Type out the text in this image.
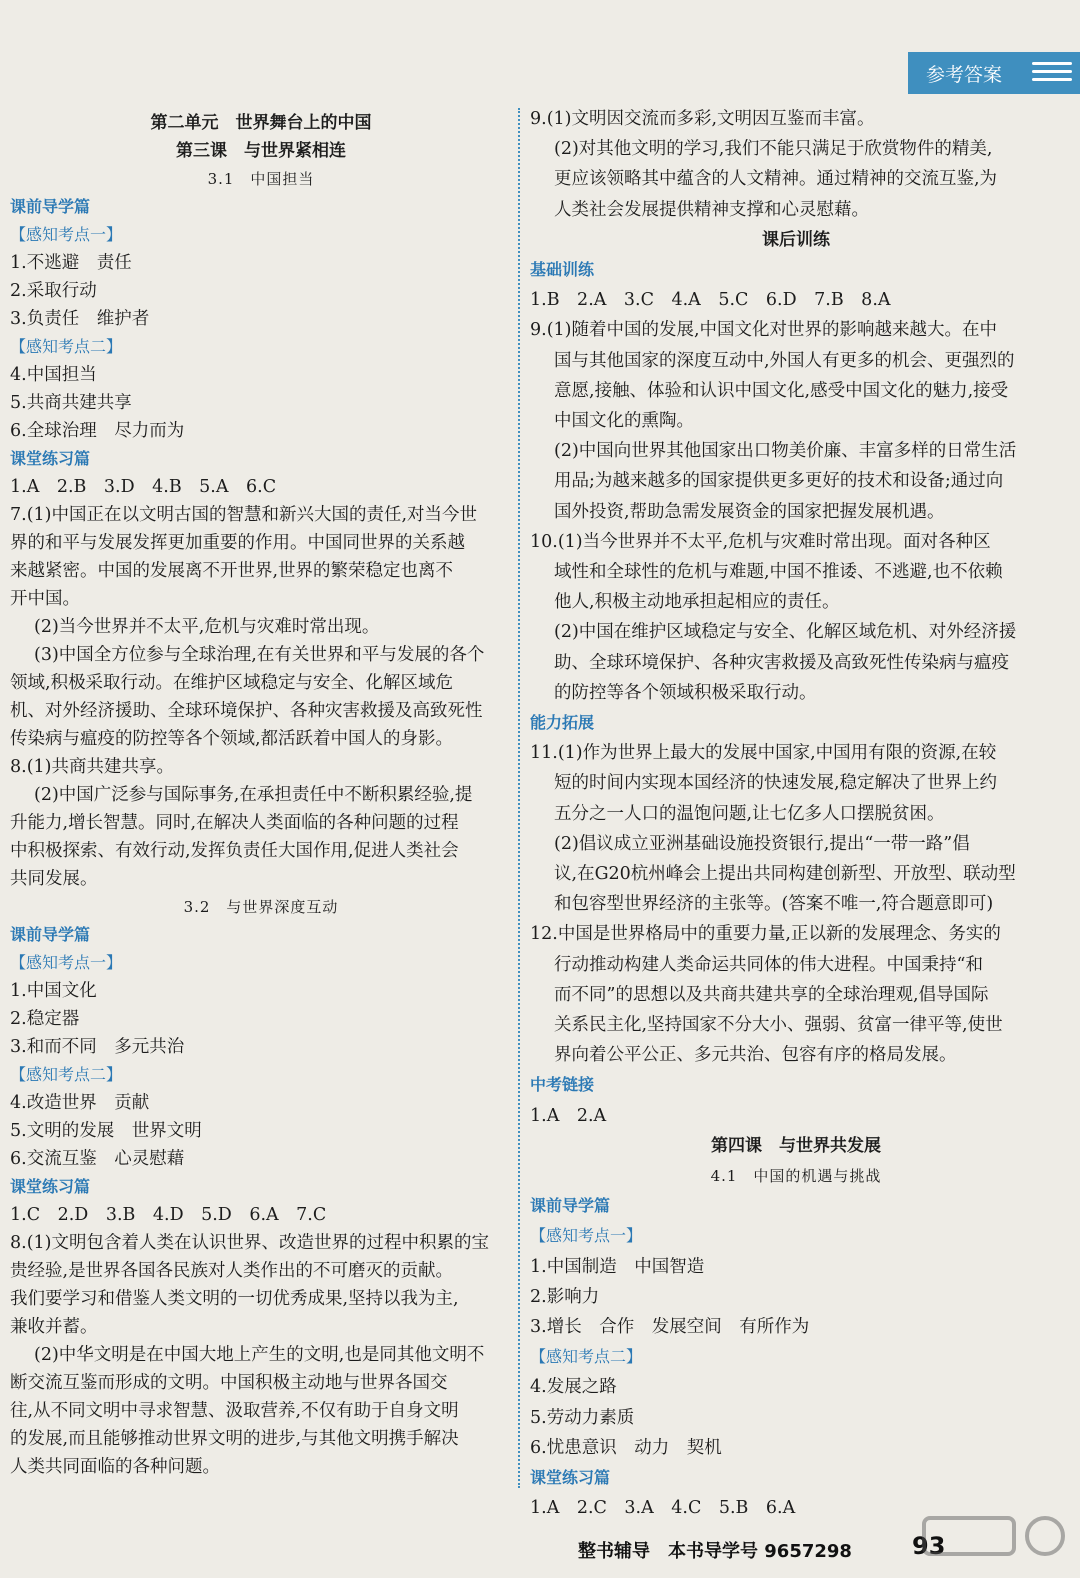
参考答案
第二单元　世界舞台上的中国
第三课　与世界紧相连
3.1　中国担当
课前导学篇
【感知考点一】
1.不逃避　责任
2.采取行动
3.负责任　维护者
【感知考点二】
4.中国担当
5.共商共建共享
6.全球治理　尽力而为
课堂练习篇
1.A　2.B　3.D　4.B　5.A　6.C
7.(1)中国正在以文明古国的智慧和新兴大国的责任,对当今世
界的和平与发展发挥更加重要的作用。中国同世界的关系越
来越紧密。中国的发展离不开世界,世界的繁荣稳定也离不
开中国。
(2)当今世界并不太平,危机与灾难时常出现。
(3)中国全方位参与全球治理,在有关世界和平与发展的各个
领域,积极采取行动。在维护区域稳定与安全、化解区域危
机、对外经济援助、全球环境保护、各种灾害救援及高致死性
传染病与瘟疫的防控等各个领域,都活跃着中国人的身影。
8.(1)共商共建共享。
(2)中国广泛参与国际事务,在承担责任中不断积累经验,提
升能力,增长智慧。同时,在解决人类面临的各种问题的过程
中积极探索、有效行动,发挥负责任大国作用,促进人类社会
共同发展。
3.2　与世界深度互动
课前导学篇
【感知考点一】
1.中国文化
2.稳定器
3.和而不同　多元共治
【感知考点二】
4.改造世界　贡献
5.文明的发展　世界文明
6.交流互鉴　心灵慰藉
课堂练习篇
1.C　2.D　3.B　4.D　5.D　6.A　7.C
8.(1)文明包含着人类在认识世界、改造世界的过程中积累的宝
贵经验,是世界各国各民族对人类作出的不可磨灭的贡献。
我们要学习和借鉴人类文明的一切优秀成果,坚持以我为主,
兼收并蓄。
(2)中华文明是在中国大地上产生的文明,也是同其他文明不
断交流互鉴而形成的文明。中国积极主动地与世界各国交
往,从不同文明中寻求智慧、汲取营养,不仅有助于自身文明
的发展,而且能够推动世界文明的进步,与其他文明携手解决
人类共同面临的各种问题。
9.(1)文明因交流而多彩,文明因互鉴而丰富。
(2)对其他文明的学习,我们不能只满足于欣赏物件的精美,
更应该领略其中蕴含的人文精神。通过精神的交流互鉴,为
人类社会发展提供精神支撑和心灵慰藉。
课后训练
基础训练
1.B　2.A　3.C　4.A　5.C　6.D　7.B　8.A
9.(1)随着中国的发展,中国文化对世界的影响越来越大。在中
国与其他国家的深度互动中,外国人有更多的机会、更强烈的
意愿,接触、体验和认识中国文化,感受中国文化的魅力,接受
中国文化的熏陶。
(2)中国向世界其他国家出口物美价廉、丰富多样的日常生活
用品;为越来越多的国家提供更多更好的技术和设备;通过向
国外投资,帮助急需发展资金的国家把握发展机遇。
10.(1)当今世界并不太平,危机与灾难时常出现。面对各种区
域性和全球性的危机与难题,中国不推诿、不逃避,也不依赖
他人,积极主动地承担起相应的责任。
(2)中国在维护区域稳定与安全、化解区域危机、对外经济援
助、全球环境保护、各种灾害救援及高致死性传染病与瘟疫
的防控等各个领域积极采取行动。
能力拓展
11.(1)作为世界上最大的发展中国家,中国用有限的资源,在较
短的时间内实现本国经济的快速发展,稳定解决了世界上约
五分之一人口的温饱问题,让七亿多人口摆脱贫困。
(2)倡议成立亚洲基础设施投资银行,提出“一带一路”倡
议,在G20杭州峰会上提出共同构建创新型、开放型、联动型
和包容型世界经济的主张等。(答案不唯一,符合题意即可)
12.中国是世界格局中的重要力量,正以新的发展理念、务实的
行动推动构建人类命运共同体的伟大进程。中国秉持“和
而不同”的思想以及共商共建共享的全球治理观,倡导国际
关系民主化,坚持国家不分大小、强弱、贫富一律平等,使世
界向着公平公正、多元共治、包容有序的格局发展。
中考链接
1.A　2.A
第四课　与世界共发展
4.1　中国的机遇与挑战
课前导学篇
【感知考点一】
1.中国制造　中国智造
2.影响力
3.增长　合作　发展空间　有所作为
【感知考点二】
4.发展之路
5.劳动力素质
6.忧患意识　动力　契机
课堂练习篇
1.A　2.C　3.A　4.C　5.B　6.A
整书辅导　本书导学号 9657298	93
